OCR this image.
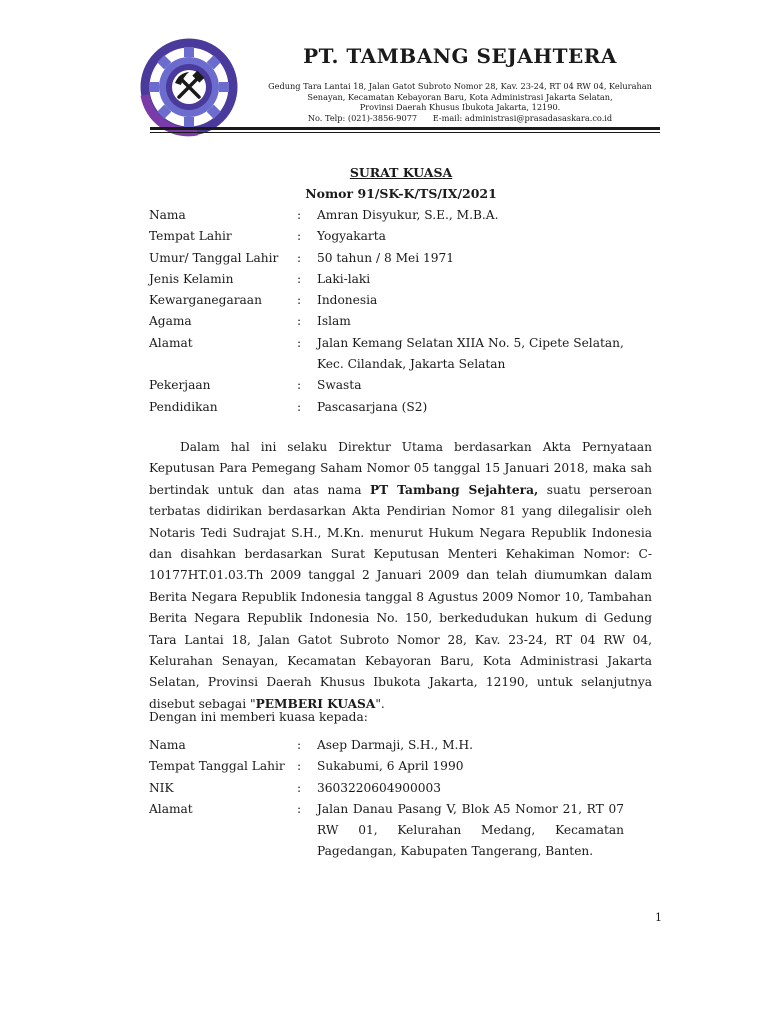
PT. TAMBANG SEJAHTERA
Gedung Tara Lantai 18, Jalan Gatot Subroto Nomor 28, Kav. 23-24, RT 04 RW 04, Kelurahan
Senayan, Kecamatan Kebayoran Baru, Kota Administrasi Jakarta Selatan,
Provinsi Daerah Khusus Ibukota Jakarta, 12190.
No. Telp: (021)-3856-9077      E-mail: administrasi@prasadasaskara.co.id
SURAT KUASA
Nomor 91/SK-K/TS/IX/2021
Nama	:	Amran Disyukur, S.E., M.B.A.
Tempat Lahir	:	Yogyakarta
Umur/ Tanggal Lahir	:	50 tahun / 8 Mei 1971
Jenis Kelamin	:	Laki-laki
Kewarganegaraan	:	Indonesia
Agama	:	Islam
Alamat	:	Jalan Kemang Selatan XIIA No. 5, Cipete Selatan,
Kec. Cilandak, Jakarta Selatan
Pekerjaan	:	Swasta
Pendidikan	:	Pascasarjana (S2)
Dalam hal ini selaku Direktur Utama berdasarkan Akta Pernyataan Keputusan Para Pemegang Saham Nomor 05 tanggal 15 Januari 2018, maka sah bertindak untuk dan atas nama PT Tambang Sejahtera, suatu perseroan terbatas didirikan berdasarkan Akta Pendirian Nomor 81 yang dilegalisir oleh Notaris Tedi Sudrajat S.H., M.Kn. menurut Hukum Negara Republik Indonesia dan disahkan berdasarkan Surat Keputusan Menteri Kehakiman Nomor: C-10177HT.01.03.Th 2009 tanggal 2 Januari 2009 dan telah diumumkan dalam Berita Negara Republik Indonesia tanggal 8 Agustus 2009 Nomor 10, Tambahan Berita Negara Republik Indonesia No. 150, berkedudukan hukum di Gedung Tara Lantai 18, Jalan Gatot Subroto Nomor 28, Kav. 23-24, RT 04 RW 04, Kelurahan Senayan, Kecamatan Kebayoran Baru, Kota Administrasi Jakarta Selatan, Provinsi Daerah Khusus Ibukota Jakarta, 12190, untuk selanjutnya disebut sebagai "PEMBERI KUASA".
Dengan ini memberi kuasa kepada:
Nama	:	Asep Darmaji, S.H., M.H.
Tempat Tanggal Lahir	:	Sukabumi, 6 April 1990
NIK	:	3603220604900003
Alamat	:	Jalan Danau Pasang V, Blok A5 Nomor 21, RT 07
RW 01, Kelurahan Medang, Kecamatan
Pagedangan, Kabupaten Tangerang, Banten.
1
